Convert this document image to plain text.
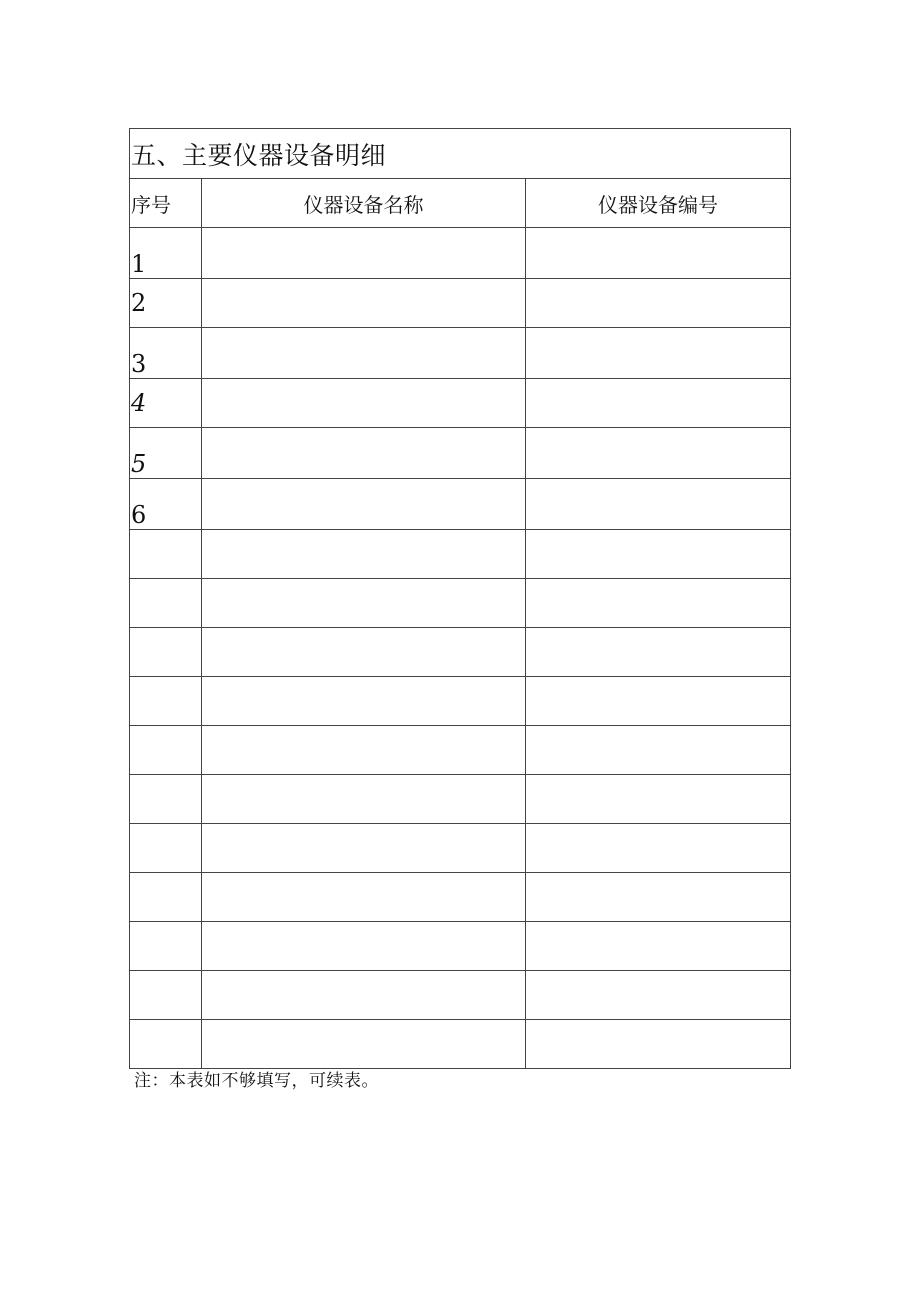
五、主要仪器设备明细		
序号	仪器设备名称	仪器设备编号
1		
2		
3		
4		
5		
6		

注：本表如不够填写，可续表。
